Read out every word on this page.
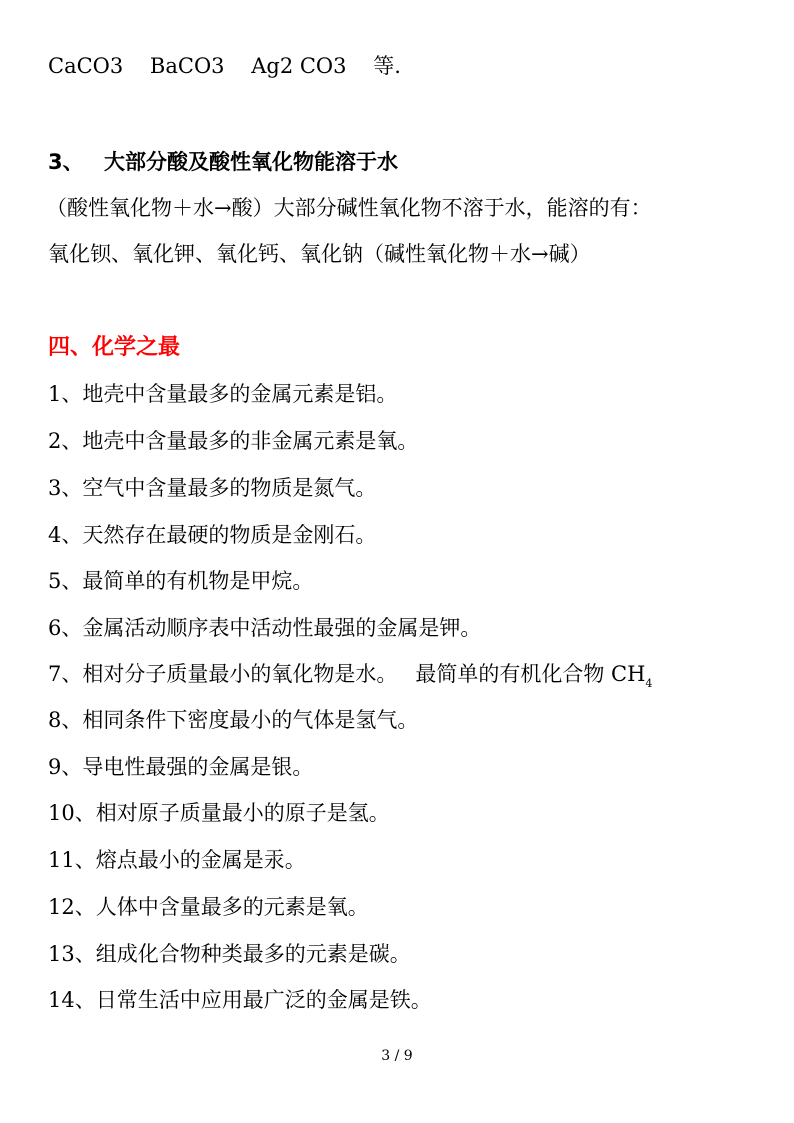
CaCO3 BaCO3 Ag2 CO3 等.
3、 大部分酸及酸性氧化物能溶于水
（酸性氧化物＋水→酸）大部分碱性氧化物不溶于水，能溶的有：
氧化钡、氧化钾、氧化钙、氧化钠（碱性氧化物＋水→碱）
四、化学之最
1、地壳中含量最多的金属元素是铝。
2、地壳中含量最多的非金属元素是氧。
3、空气中含量最多的物质是氮气。
4、天然存在最硬的物质是金刚石。
5、最简单的有机物是甲烷。
6、金属活动顺序表中活动性最强的金属是钾。
7、相对分子质量最小的氧化物是水。 最简单的有机化合物 $CH_4$
8、相同条件下密度最小的气体是氢气。
9、导电性最强的金属是银。
10、相对原子质量最小的原子是氢。
11、熔点最小的金属是汞。
12、人体中含量最多的元素是氧。
13、组成化合物种类最多的元素是碳。
14、日常生活中应用最广泛的金属是铁。
3 / 9
